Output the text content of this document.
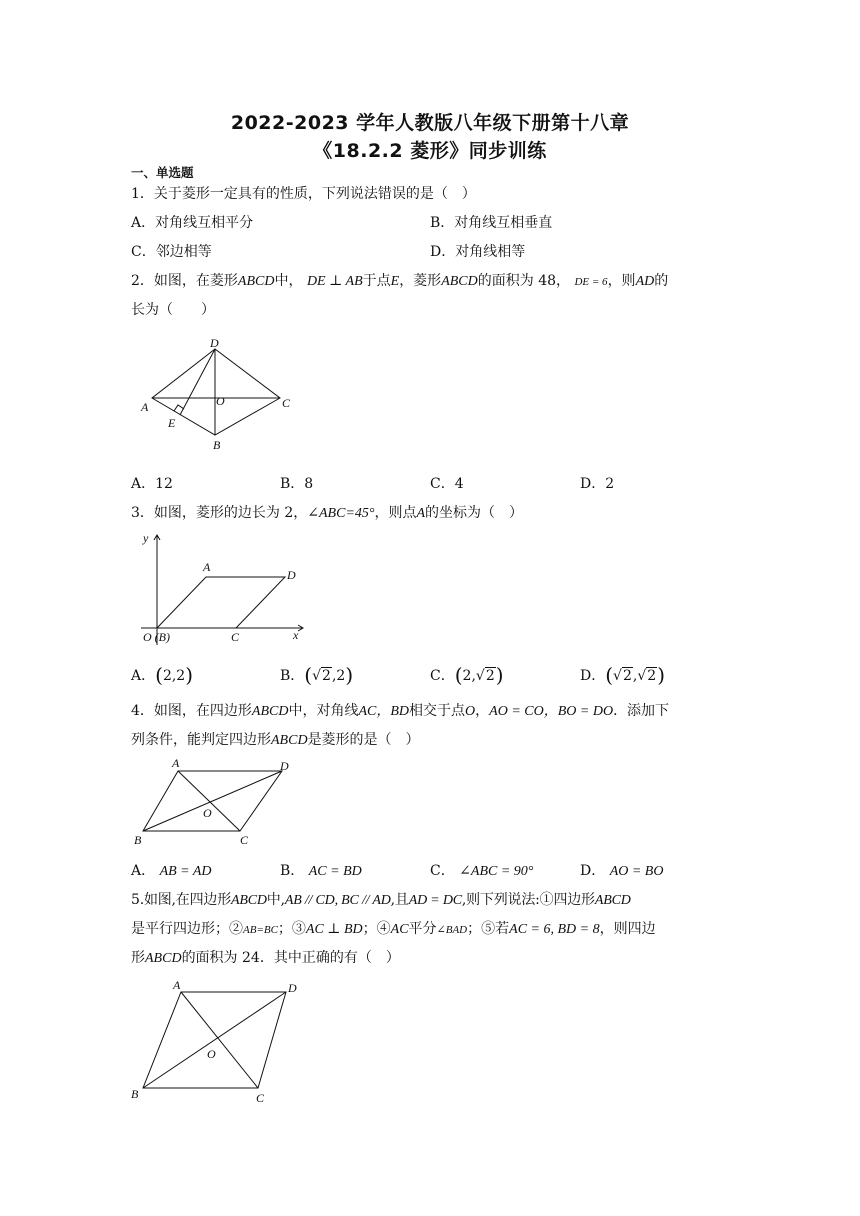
2022-2023 学年人教版八年级下册第十八章
《18.2.2 菱形》同步训练
一、单选题
1．关于菱形一定具有的性质，下列说法错误的是（　）
A．对角线互相平分	B．对角线互相垂直
C．邻边相等	D．对角线相等
2．如图，在菱形ABCD中， DE ⊥ AB于点E，菱形ABCD的面积为 48， DE = 6，则AD的
长为（　　）
D
A	O	C
E
B
A．12	B．8	C．4	D．2
3．如图，菱形的边长为 2，∠ABC=45°，则点A的坐标为（　）
y
x
A
D
C
O (B)
A．(2,2)	B．(√2,2)	C．(2,√2)	D．(√2,√2)
4．如图，在四边形ABCD中，对角线AC，BD相交于点O，AO = CO，BO = DO．添加下
列条件，能判定四边形ABCD是菱形的是（　）
A	D
O
B	C
A． AB = AD	B． AC = BD	C． ∠ABC = 90°	D． AO = BO
5.如图,在四边形ABCD中,AB // CD, BC // AD,且AD = DC,则下列说法:①四边形ABCD
是平行四边形；②AB=BC；③AC ⊥ BD；④AC平分∠BAD；⑤若AC = 6, BD = 8，则四边
形ABCD的面积为 24．其中正确的有（　）
A	D
O
B	C
